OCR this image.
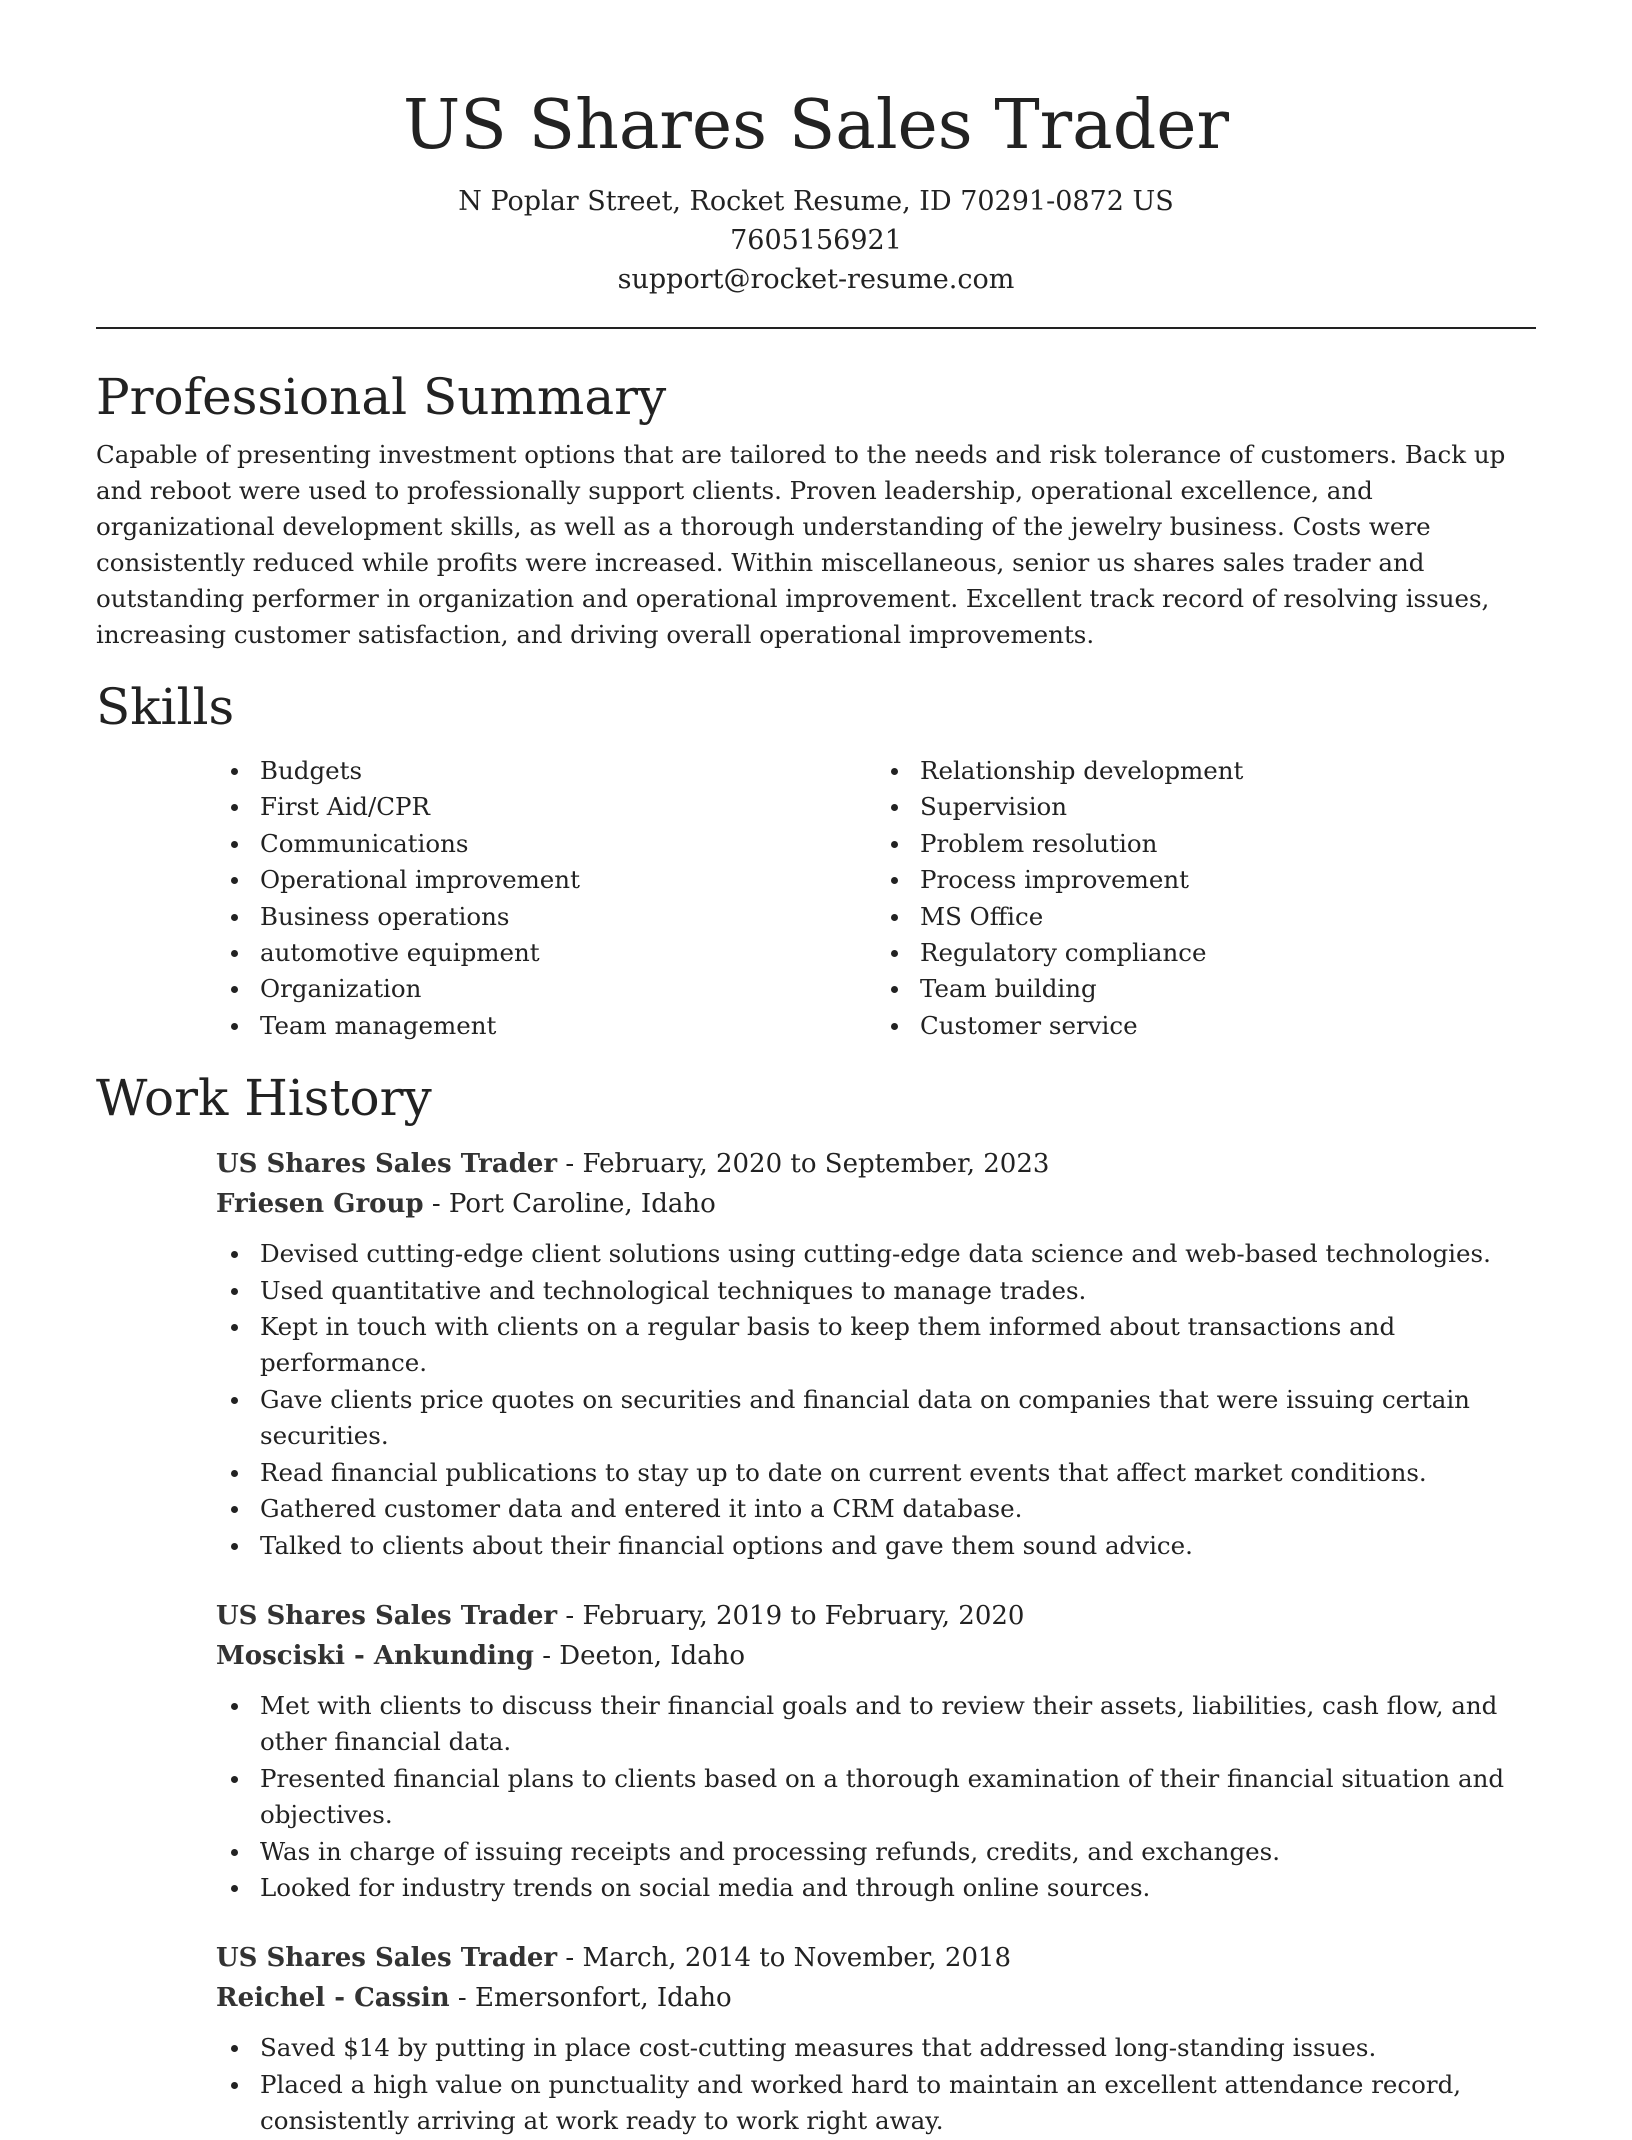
US Shares Sales Trader
N Poplar Street, Rocket Resume, ID 70291-0872 US
7605156921
support@rocket-resume.com
Professional Summary

Capable of presenting investment options that are tailored to the needs and risk tolerance of customers. Back up and reboot were used to professionally support clients. Proven leadership, operational excellence, and organizational development skills, as well as a thorough understanding of the jewelry business. Costs were consistently reduced while profits were increased. Within miscellaneous, senior us shares sales trader and outstanding performer in organization and operational improvement. Excellent track record of resolving issues, increasing customer satisfaction, and driving overall operational improvements.

Skills
Budgets
First Aid/CPR
Communications
Operational improvement
Business operations
automotive equipment
Organization
Team management
Relationship development
Supervision
Problem resolution
Process improvement
MS Office
Regulatory compliance
Team building
Customer service
Work History
US Shares Sales Trader - February, 2020 to September, 2023
Friesen Group - Port Caroline, Idaho
Devised cutting-edge client solutions using cutting-edge data science and web-based technologies.
Used quantitative and technological techniques to manage trades.
Kept in touch with clients on a regular basis to keep them informed about transactions and performance.
Gave clients price quotes on securities and financial data on companies that were issuing certain securities.
Read financial publications to stay up to date on current events that affect market conditions.
Gathered customer data and entered it into a CRM database.
Talked to clients about their financial options and gave them sound advice.
US Shares Sales Trader - February, 2019 to February, 2020
Mosciski - Ankunding - Deeton, Idaho
Met with clients to discuss their financial goals and to review their assets, liabilities, cash flow, and other financial data.
Presented financial plans to clients based on a thorough examination of their financial situation and objectives.
Was in charge of issuing receipts and processing refunds, credits, and exchanges.
Looked for industry trends on social media and through online sources.
US Shares Sales Trader - March, 2014 to November, 2018
Reichel - Cassin - Emersonfort, Idaho
Saved $14 by putting in place cost-cutting measures that addressed long-standing issues.
Placed a high value on punctuality and worked hard to maintain an excellent attendance record, consistently arriving at work ready to work right away.
